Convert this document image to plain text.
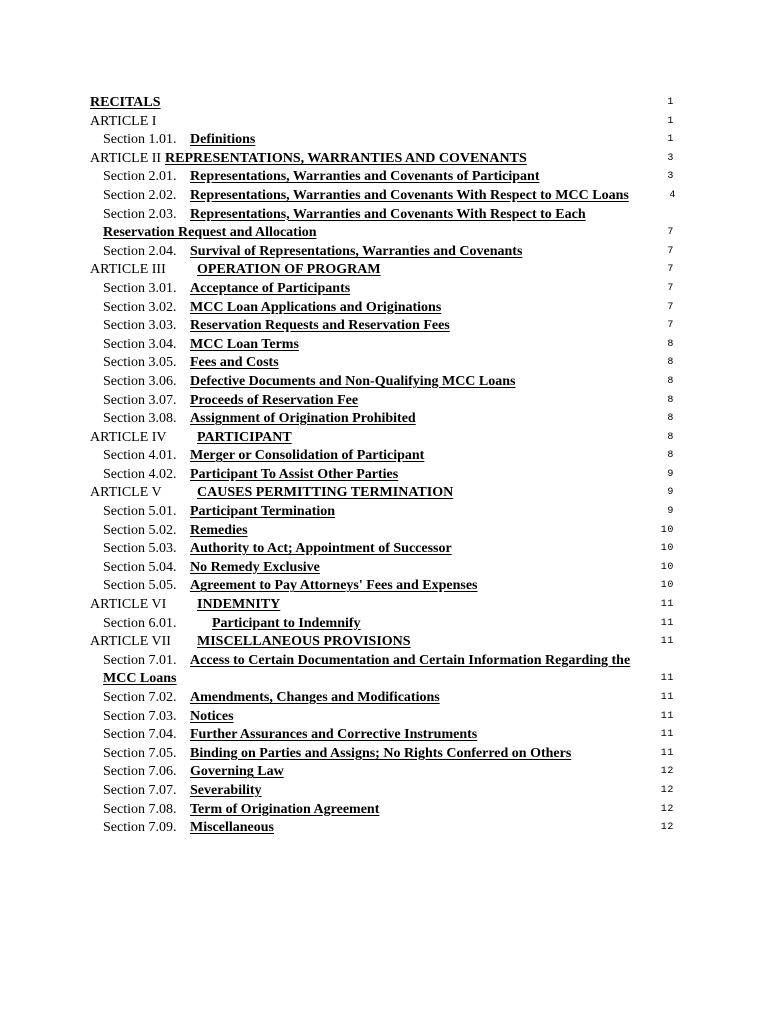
RECITALS	1
ARTICLE I	1
Section 1.01. Definitions	1
ARTICLE II REPRESENTATIONS, WARRANTIES AND COVENANTS	3
Section 2.01. Representations, Warranties and Covenants of Participant	3
Section 2.02. Representations, Warranties and Covenants With Respect to MCC Loans	4
Section 2.03. Representations, Warranties and Covenants With Respect to Each
Reservation Request and Allocation	7
Section 2.04. Survival of Representations, Warranties and Covenants	7
ARTICLE III OPERATION OF PROGRAM	7
Section 3.01. Acceptance of Participants	7
Section 3.02. MCC Loan Applications and Originations	7
Section 3.03. Reservation Requests and Reservation Fees	7
Section 3.04. MCC Loan Terms	8
Section 3.05. Fees and Costs	8
Section 3.06. Defective Documents and Non-Qualifying MCC Loans	8
Section 3.07. Proceeds of Reservation Fee	8
Section 3.08. Assignment of Origination Prohibited	8
ARTICLE IV PARTICIPANT	8
Section 4.01. Merger or Consolidation of Participant	8
Section 4.02. Participant To Assist Other Parties	9
ARTICLE V	CAUSES PERMITTING TERMINATION	9
Section 5.01. Participant Termination	9
Section 5.02. Remedies	10
Section 5.03. Authority to Act; Appointment of Successor	10
Section 5.04. No Remedy Exclusive	10
Section 5.05. Agreement to Pay Attorneys' Fees and Expenses	10
ARTICLE VI INDEMNITY	11
Section 6.01.	Participant to Indemnify	11
ARTICLE VII MISCELLANEOUS PROVISIONS	11
Section 7.01. Access to Certain Documentation and Certain Information Regarding the
MCC Loans	11
Section 7.02. Amendments, Changes and Modifications	11
Section 7.03. Notices	11
Section 7.04. Further Assurances and Corrective Instruments	11
Section 7.05. Binding on Parties and Assigns; No Rights Conferred on Others	11
Section 7.06. Governing Law	12
Section 7.07. Severability	12
Section 7.08. Term of Origination Agreement	12
Section 7.09. Miscellaneous	12
